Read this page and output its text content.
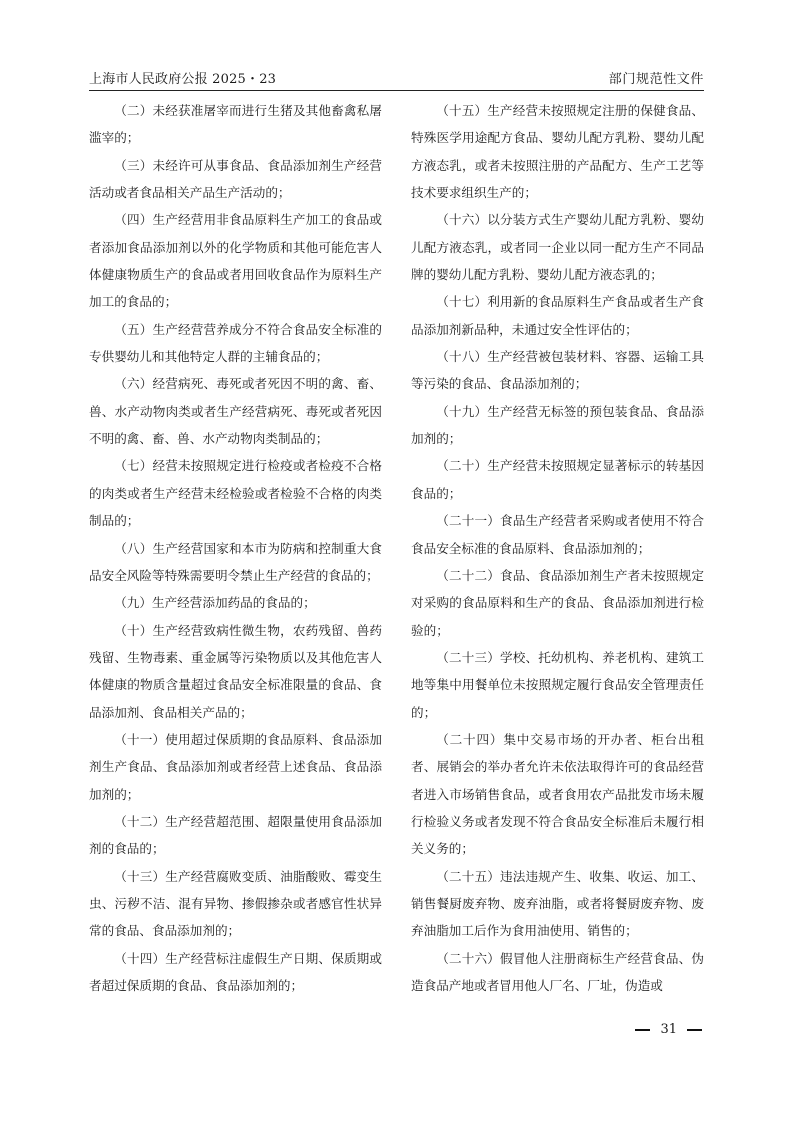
上海市人民政府公报 2025・23	部门规范性文件

（二）未经获准屠宰而进行生猪及其他畜禽私屠滥宰的；

（三）未经许可从事食品、食品添加剂生产经营活动或者食品相关产品生产活动的；

（四）生产经营用非食品原料生产加工的食品或者添加食品添加剂以外的化学物质和其他可能危害人体健康物质生产的食品或者用回收食品作为原料生产加工的食品的；

（五）生产经营营养成分不符合食品安全标准的专供婴幼儿和其他特定人群的主辅食品的；

（六）经营病死、毒死或者死因不明的禽、畜、兽、水产动物肉类或者生产经营病死、毒死或者死因不明的禽、畜、兽、水产动物肉类制品的；

（七）经营未按照规定进行检疫或者检疫不合格的肉类或者生产经营未经检验或者检验不合格的肉类制品的；

（八）生产经营国家和本市为防病和控制重大食品安全风险等特殊需要明令禁止生产经营的食品的；

（九）生产经营添加药品的食品的；

（十）生产经营致病性微生物，农药残留、兽药残留、生物毒素、重金属等污染物质以及其他危害人体健康的物质含量超过食品安全标准限量的食品、食品添加剂、食品相关产品的；

（十一）使用超过保质期的食品原料、食品添加剂生产食品、食品添加剂或者经营上述食品、食品添加剂的；

（十二）生产经营超范围、超限量使用食品添加剂的食品的；

（十三）生产经营腐败变质、油脂酸败、霉变生虫、污秽不洁、混有异物、掺假掺杂或者感官性状异常的食品、食品添加剂的；

（十四）生产经营标注虚假生产日期、保质期或者超过保质期的食品、食品添加剂的；

（十五）生产经营未按照规定注册的保健食品、特殊医学用途配方食品、婴幼儿配方乳粉、婴幼儿配方液态乳，或者未按照注册的产品配方、生产工艺等技术要求组织生产的；

（十六）以分装方式生产婴幼儿配方乳粉、婴幼儿配方液态乳，或者同一企业以同一配方生产不同品牌的婴幼儿配方乳粉、婴幼儿配方液态乳的；

（十七）利用新的食品原料生产食品或者生产食品添加剂新品种，未通过安全性评估的；

（十八）生产经营被包装材料、容器、运输工具等污染的食品、食品添加剂的；

（十九）生产经营无标签的预包装食品、食品添加剂的；

（二十）生产经营未按照规定显著标示的转基因食品的；

（二十一）食品生产经营者采购或者使用不符合食品安全标准的食品原料、食品添加剂的；

（二十二）食品、食品添加剂生产者未按照规定对采购的食品原料和生产的食品、食品添加剂进行检验的；

（二十三）学校、托幼机构、养老机构、建筑工地等集中用餐单位未按照规定履行食品安全管理责任的；

（二十四）集中交易市场的开办者、柜台出租者、展销会的举办者允许未依法取得许可的食品经营者进入市场销售食品，或者食用农产品批发市场未履行检验义务或者发现不符合食品安全标准后未履行相关义务的；

（二十五）违法违规产生、收集、收运、加工、销售餐厨废弃物、废弃油脂，或者将餐厨废弃物、废弃油脂加工后作为食用油使用、销售的；

（二十六）假冒他人注册商标生产经营食品、伪造食品产地或者冒用他人厂名、厂址，伪造或

31
